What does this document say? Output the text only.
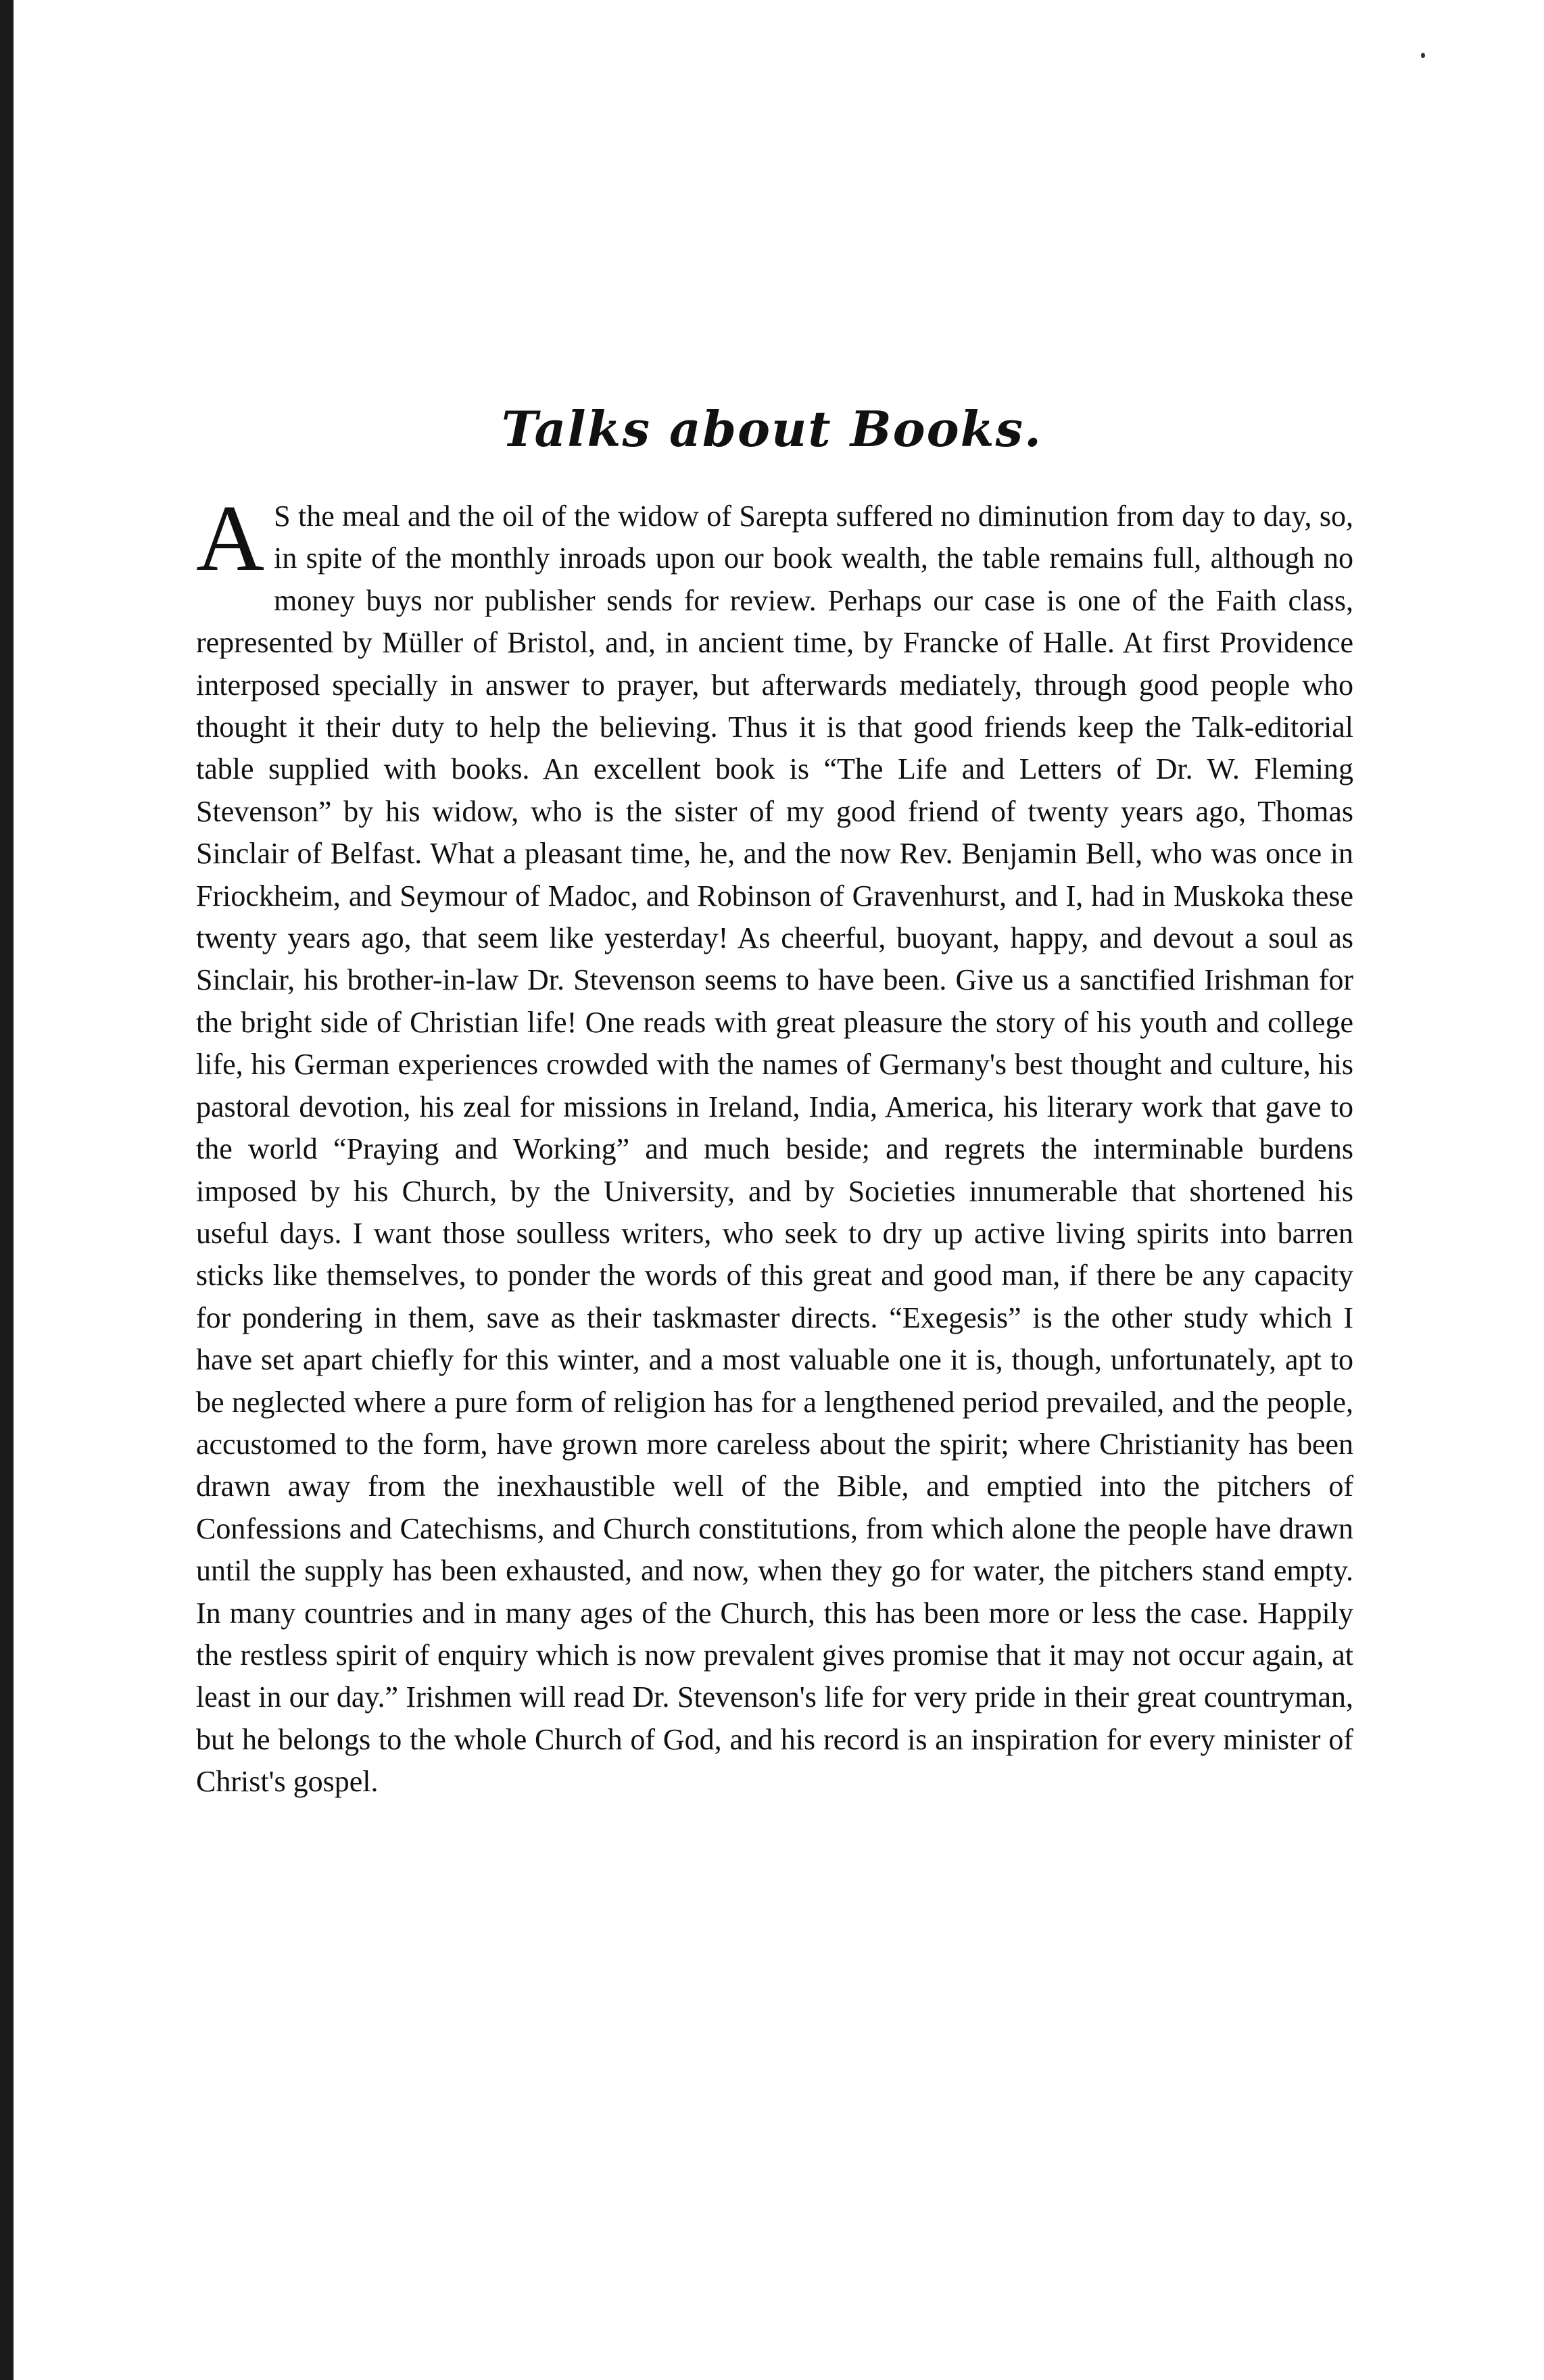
Talks about Books.

A S the meal and the oil of the widow of Sarepta suffered no diminution from day to day, so, in spite of the monthly inroads upon our book wealth, the table remains full, although no money buys nor publisher sends for review. Perhaps our case is one of the Faith class, represented by Müller of Bristol, and, in ancient time, by Francke of Halle. At first Providence interposed specially in answer to prayer, but afterwards mediately, through good people who thought it their duty to help the believing. Thus it is that good friends keep the Talk-editorial table supplied with books. An excellent book is “The Life and Letters of Dr. W. Fleming Stevenson” by his widow, who is the sister of my good friend of twenty years ago, Thomas Sinclair of Belfast. What a pleasant time, he, and the now Rev. Benjamin Bell, who was once in Friockheim, and Seymour of Madoc, and Robinson of Gravenhurst, and I, had in Muskoka these twenty years ago, that seem like yesterday! As cheerful, buoyant, happy, and devout a soul as Sinclair, his brother-in-law Dr. Stevenson seems to have been. Give us a sanctified Irishman for the bright side of Christian life! One reads with great pleasure the story of his youth and college life, his German experiences crowded with the names of Germany's best thought and culture, his pastoral devotion, his zeal for missions in Ireland, India, America, his literary work that gave to the world “Praying and Working” and much beside; and regrets the interminable burdens imposed by his Church, by the University, and by Societies innumerable that shortened his useful days. I want those soulless writers, who seek to dry up active living spirits into barren sticks like themselves, to ponder the words of this great and good man, if there be any capacity for pondering in them, save as their taskmaster directs. “Exegesis” is the other study which I have set apart chiefly for this winter, and a most valuable one it is, though, unfortunately, apt to be neglected where a pure form of religion has for a lengthened period prevailed, and the people, accustomed to the form, have grown more careless about the spirit; where Christianity has been drawn away from the inexhaustible well of the Bible, and emptied into the pitchers of Confessions and Catechisms, and Church constitutions, from which alone the people have drawn until the supply has been exhausted, and now, when they go for water, the pitchers stand empty. In many countries and in many ages of the Church, this has been more or less the case. Happily the restless spirit of enquiry which is now prevalent gives promise that it may not occur again, at least in our day.” Irishmen will read Dr. Stevenson's life for very pride in their great countryman, but he belongs to the whole Church of God, and his record is an inspiration for every minister of Christ's gospel.
